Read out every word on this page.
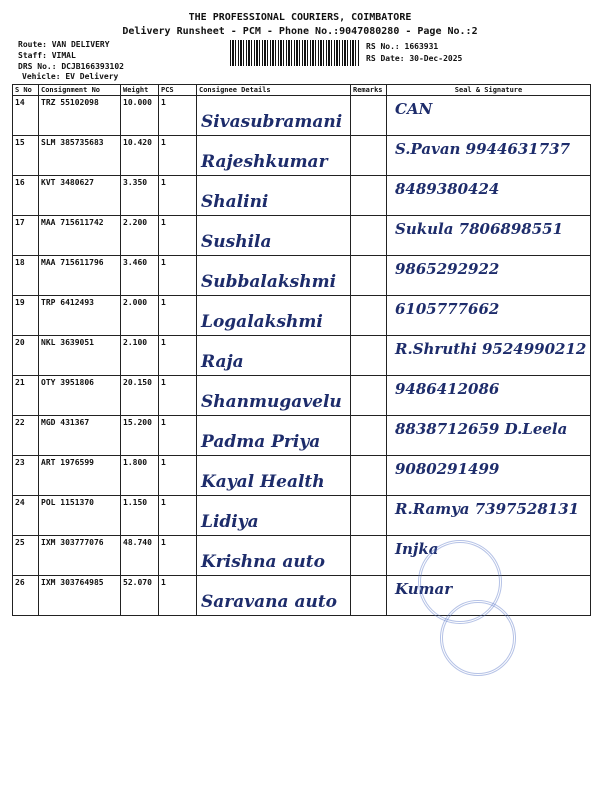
THE PROFESSIONAL COURIERS, COIMBATORE
Delivery Runsheet - PCM - Phone No.:9047080280 - Page No.:2
Route: VAN DELIVERY
Staff: VIMAL
DRS No.: DCJB166393102
Vehicle: EV Delivery
RS No.: 1663931
RS Date: 30-Dec-2025
S No	Consignment No	Weight	PCS	Consignee Details	Remarks	Seal & Signature
14	TRZ 55102098	10.000	1	Sivasubramani		CAN

15	SLM 385735683	10.420	1	Rajeshkumar		S.Pavan 9944631737

16	KVT 3480627	3.350	1	Shalini		8489380424

17	MAA 715611742	2.200	1	Sushila		Sukula 7806898551

18	MAA 715611796	3.460	1	Subbalakshmi		9865292922

19	TRP 6412493	2.000	1	Logalakshmi		6105777662

20	NKL 3639051	2.100	1	Raja		R.Shruthi 9524990212

21	OTY 3951806	20.150	1	Shanmugavelu		9486412086

22	MGD 431367	15.200	1	Padma Priya		8838712659 D.Leela

23	ART 1976599	1.800	1	Kayal Health		9080291499

24	POL 1151370	1.150	1	Lidiya		R.Ramya 7397528131

25	IXM 303777076	48.740	1	Krishna auto		Injka

26	IXM 303764985	52.070	1	Saravana auto		Kumar
